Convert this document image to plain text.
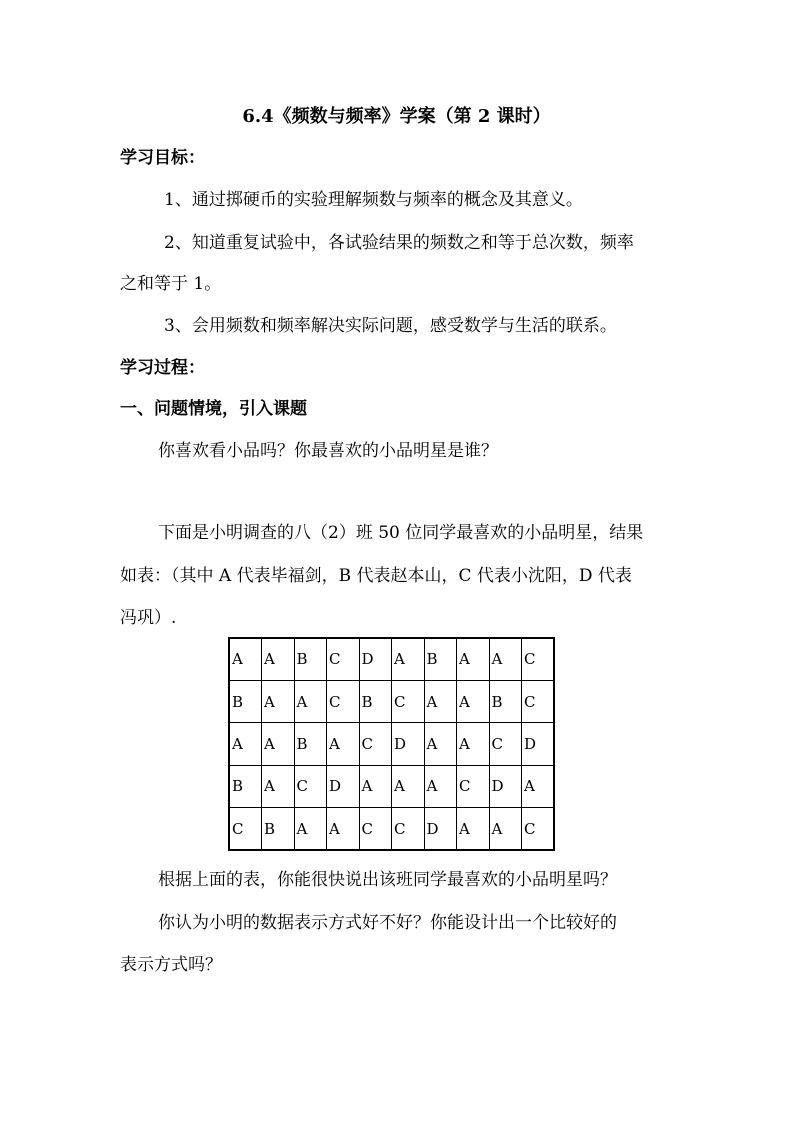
6.4《频数与频率》学案（第 2 课时）
学习目标：
1、通过掷硬币的实验理解频数与频率的概念及其意义。
2、知道重复试验中，各试验结果的频数之和等于总次数，频率
之和等于 1。
3、会用频数和频率解决实际问题，感受数学与生活的联系。
学习过程：
一、问题情境，引入课题
你喜欢看小品吗？你最喜欢的小品明星是谁？
下面是小明调查的八（2）班 50 位同学最喜欢的小品明星，结果
如表：（其中 A 代表毕福剑，B 代表赵本山，C 代表小沈阳，D 代表
冯巩）.
A	A	B	C	D	A	B	A	A	C
B	A	A	C	B	C	A	A	B	C
A	A	B	A	C	D	A	A	C	D
B	A	C	D	A	A	A	C	D	A
C	B	A	A	C	C	D	A	A	C
根据上面的表，你能很快说出该班同学最喜欢的小品明星吗？
你认为小明的数据表示方式好不好？你能设计出一个比较好的
表示方式吗？
